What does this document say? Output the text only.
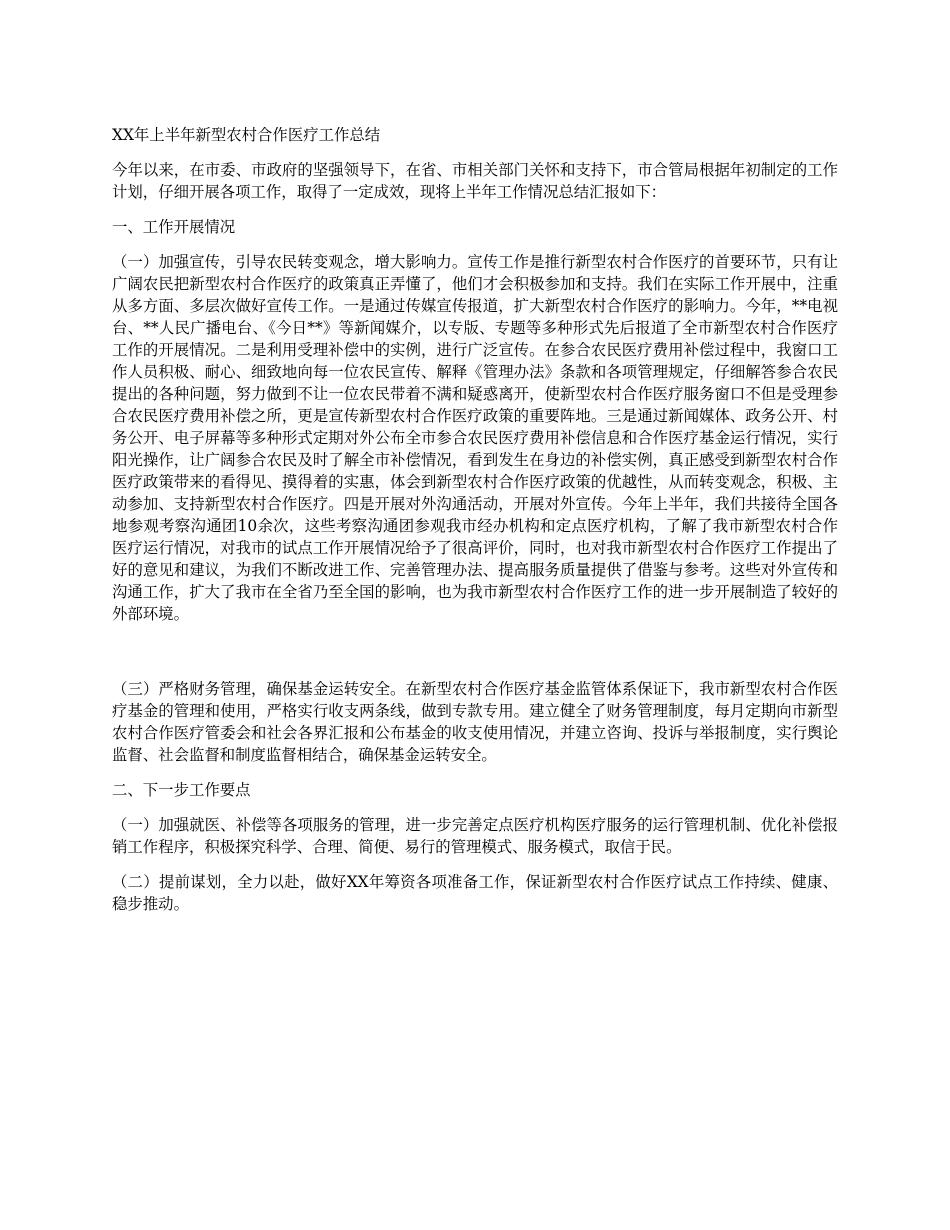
XX年上半年新型农村合作医疗工作总结

今年以来，在市委、市政府的坚强领导下，在省、市相关部门关怀和支持下，市合管局根据年初制定的工作计划，仔细开展各项工作，取得了一定成效，现将上半年工作情况总结汇报如下：

一、工作开展情况

（一）加强宣传，引导农民转变观念，增大影响力。宣传工作是推行新型农村合作医疗的首要环节，只有让广阔农民把新型农村合作医疗的政策真正弄懂了，他们才会积极参加和支持。我们在实际工作开展中，注重从多方面、多层次做好宣传工作。一是通过传媒宣传报道，扩大新型农村合作医疗的影响力。今年，**电视台、**人民广播电台、《今日**》等新闻媒介，以专版、专题等多种形式先后报道了全市新型农村合作医疗工作的开展情况。二是利用受理补偿中的实例，进行广泛宣传。在参合农民医疗费用补偿过程中，我窗口工作人员积极、耐心、细致地向每一位农民宣传、解释《管理办法》条款和各项管理规定，仔细解答参合农民提出的各种问题，努力做到不让一位农民带着不满和疑惑离开，使新型农村合作医疗服务窗口不但是受理参合农民医疗费用补偿之所，更是宣传新型农村合作医疗政策的重要阵地。三是通过新闻媒体、政务公开、村务公开、电子屏幕等多种形式定期对外公布全市参合农民医疗费用补偿信息和合作医疗基金运行情况，实行阳光操作，让广阔参合农民及时了解全市补偿情况，看到发生在身边的补偿实例，真正感受到新型农村合作医疗政策带来的看得见、摸得着的实惠，体会到新型农村合作医疗政策的优越性，从而转变观念，积极、主动参加、支持新型农村合作医疗。四是开展对外沟通活动，开展对外宣传。今年上半年，我们共接待全国各地参观考察沟通团10余次，这些考察沟通团参观我市经办机构和定点医疗机构，了解了我市新型农村合作医疗运行情况，对我市的试点工作开展情况给予了很高评价，同时，也对我市新型农村合作医疗工作提出了好的意见和建议，为我们不断改进工作、完善管理办法、提高服务质量提供了借鉴与参考。这些对外宣传和沟通工作，扩大了我市在全省乃至全国的影响，也为我市新型农村合作医疗工作的进一步开展制造了较好的外部环境。

（三）严格财务管理，确保基金运转安全。在新型农村合作医疗基金监管体系保证下，我市新型农村合作医疗基金的管理和使用，严格实行收支两条线，做到专款专用。建立健全了财务管理制度，每月定期向市新型农村合作医疗管委会和社会各界汇报和公布基金的收支使用情况，并建立咨询、投诉与举报制度，实行舆论监督、社会监督和制度监督相结合，确保基金运转安全。

二、下一步工作要点

（一）加强就医、补偿等各项服务的管理，进一步完善定点医疗机构医疗服务的运行管理机制、优化补偿报销工作程序，积极探究科学、合理、简便、易行的管理模式、服务模式，取信于民。

（二）提前谋划，全力以赴，做好XX年筹资各项准备工作，保证新型农村合作医疗试点工作持续、健康、稳步推动。
